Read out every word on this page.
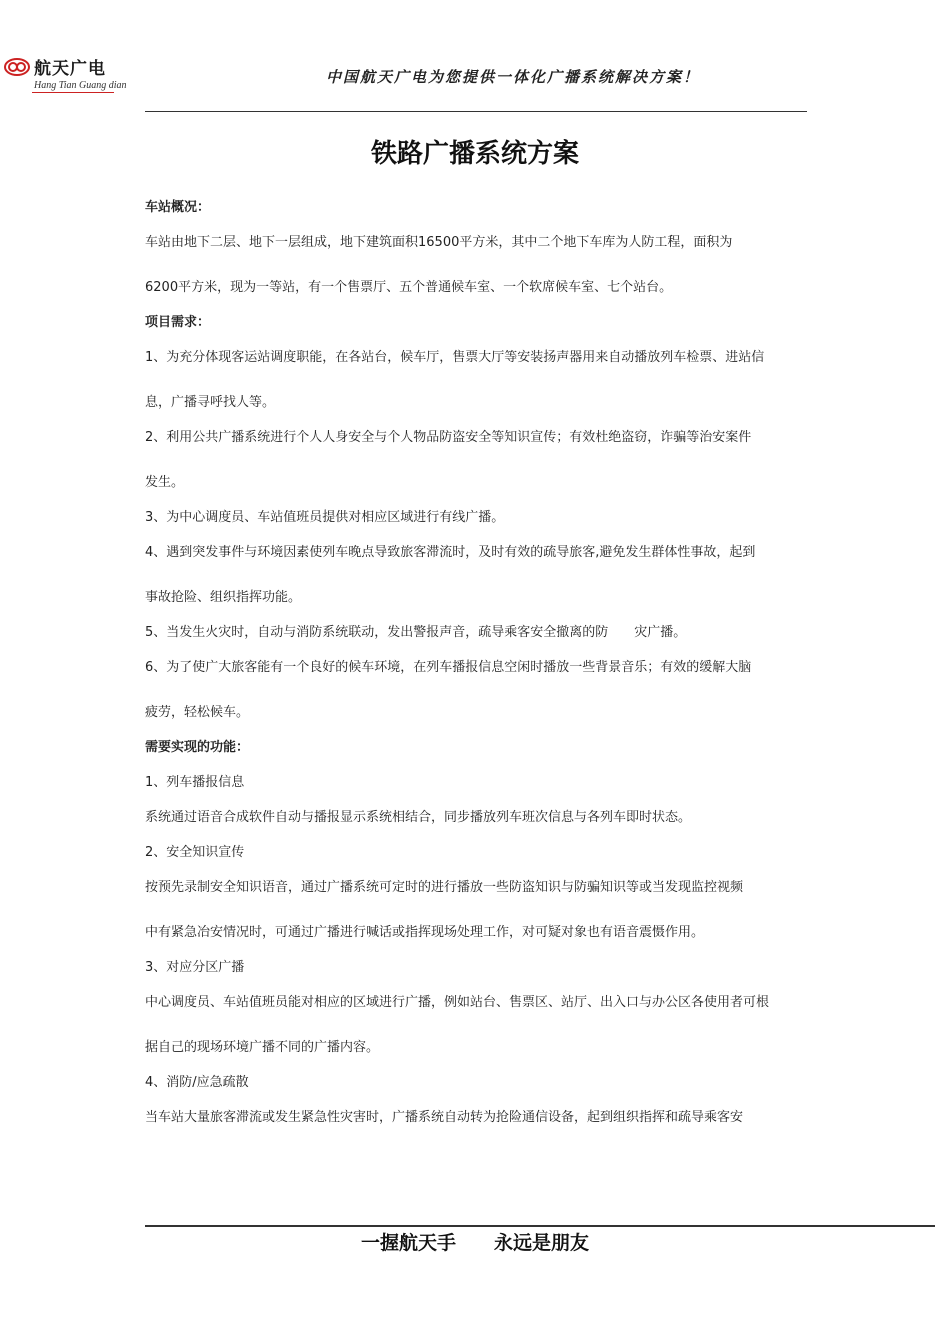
航天广电
Hang Tian Guang dian	中国航天广电为您提供一体化广播系统解决方案！
铁路广播系统方案

车站概况：

车站由地下二层、地下一层组成，地下建筑面积16500平方米，其中二个地下车库为人防工程，面积为

6200平方米，现为一等站，有一个售票厅、五个普通候车室、一个软席候车室、七个站台。

项目需求：

1、为充分体现客运站调度职能，在各站台，候车厅，售票大厅等安装扬声器用来自动播放列车检票、进站信

息，广播寻呼找人等。

2、利用公共广播系统进行个人人身安全与个人物品防盗安全等知识宣传；有效杜绝盗窃，诈骗等治安案件

发生。

3、为中心调度员、车站值班员提供对相应区域进行有线广播。

4、遇到突发事件与环境因素使列车晚点导致旅客滞流时，及时有效的疏导旅客,避免发生群体性事故，起到

事故抢险、组织指挥功能。

5、当发生火灾时，自动与消防系统联动，发出警报声音，疏导乘客安全撤离的防　　灾广播。

6、为了使广大旅客能有一个良好的候车环境，在列车播报信息空闲时播放一些背景音乐；有效的缓解大脑

疲劳，轻松候车。

需要实现的功能：

1、列车播报信息

系统通过语音合成软件自动与播报显示系统相结合，同步播放列车班次信息与各列车即时状态。

2、安全知识宣传

按预先录制安全知识语音，通过广播系统可定时的进行播放一些防盗知识与防骗知识等或当发现监控视频

中有紧急冶安情况时，可通过广播进行喊话或指挥现场处理工作，对可疑对象也有语音震慑作用。

3、对应分区广播

中心调度员、车站值班员能对相应的区域进行广播，例如站台、售票区、站厅、出入口与办公区各使用者可根

据自己的现场环境广播不同的广播内容。

4、消防/应急疏散

当车站大量旅客滞流或发生紧急性灾害时，广播系统自动转为抢险通信设备，起到组织指挥和疏导乘客安

一握航天手　　永远是朋友
